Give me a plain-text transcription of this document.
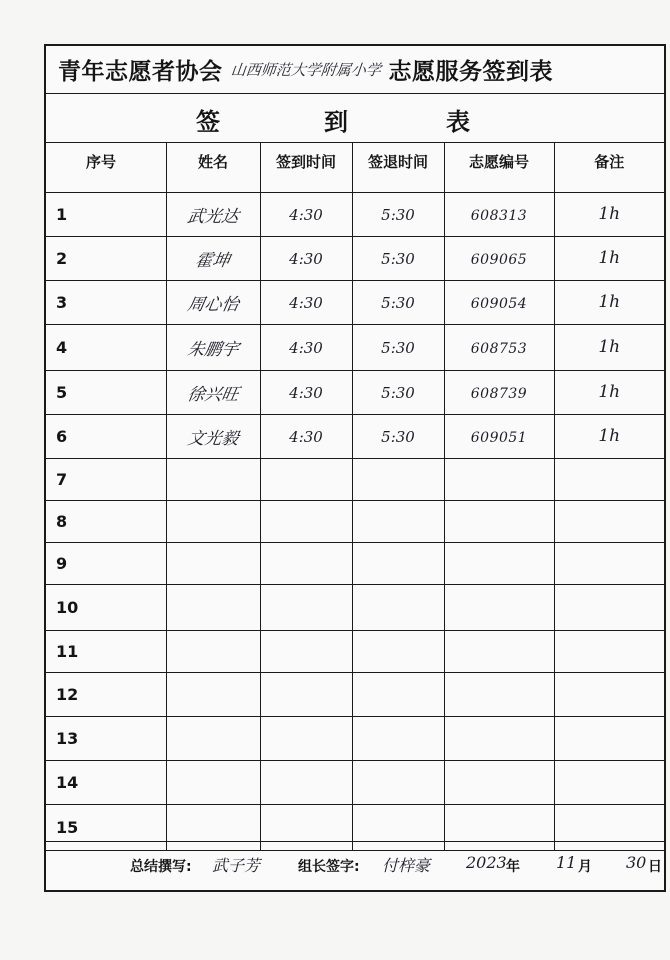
青年志愿者协会 山西师范大学附属小学 志愿服务签到表
签	到	表
序号	姓名	签到时间	签退时间	志愿编号	备注
1	武光达	4:30	5:30	608313	1h
2	霍坤	4:30	5:30	609065	1h
3	周心怡	4:30	5:30	609054	1h
4	朱鹏宇	4:30	5:30	608753	1h
5	徐兴旺	4:30	5:30	608739	1h
6	文光毅	4:30	5:30	609051	1h
7					
8					
9					
10					
11					
12					
13					
14					
15					
总结撰写: 武子芳	组长签字: 付梓豪 2023 年 11 月 30 日
